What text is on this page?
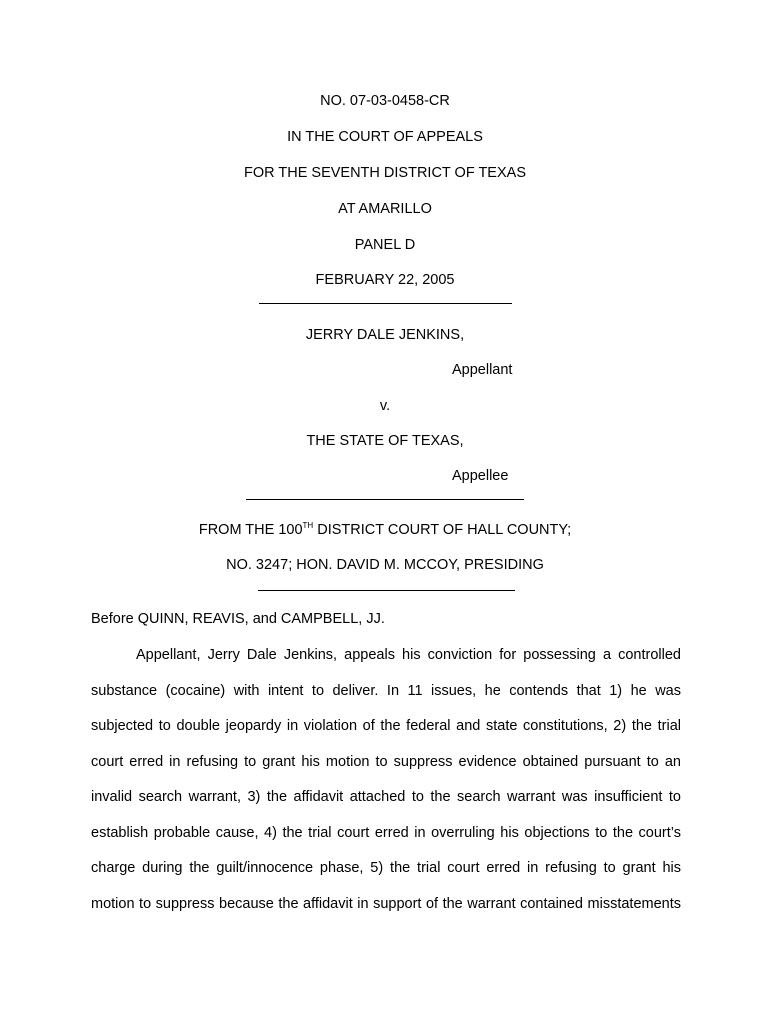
NO. 07-03-0458-CR
IN THE COURT OF APPEALS
FOR THE SEVENTH DISTRICT OF TEXAS
AT AMARILLO
PANEL D
FEBRUARY 22, 2005
JERRY DALE JENKINS,
Appellant
v.
THE STATE OF TEXAS,
Appellee
FROM THE 100TH DISTRICT COURT OF HALL COUNTY;
NO. 3247; HON. DAVID M. MCCOY, PRESIDING
Before QUINN, REAVIS, and CAMPBELL, JJ.

Appellant, Jerry Dale Jenkins, appeals his conviction for possessing a controlled substance (cocaine) with intent to deliver. In 11 issues, he contends that 1) he was subjected to double jeopardy in violation of the federal and state constitutions, 2) the trial court erred in refusing to grant his motion to suppress evidence obtained pursuant to an invalid search warrant, 3) the affidavit attached to the search warrant was insufficient to establish probable cause, 4) the trial court erred in overruling his objections to the court’s charge during the guilt/innocence phase, 5) the trial court erred in refusing to grant his motion to suppress because the affidavit in support of the warrant contained misstatements
